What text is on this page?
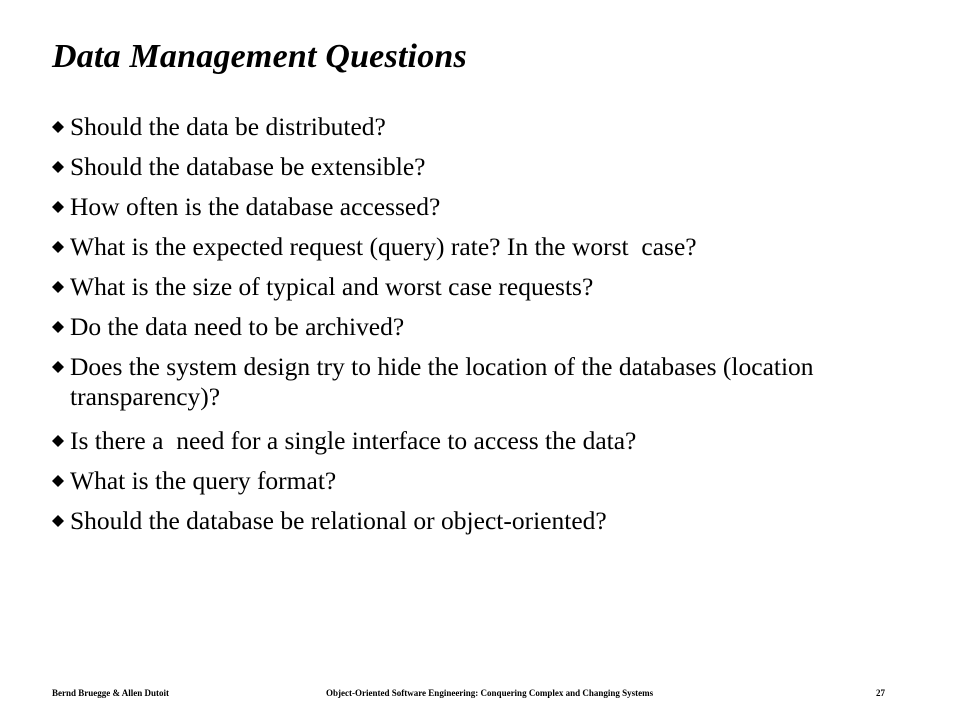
Data Management Questions
Should the data be distributed?
Should the database be extensible?
How often is the database accessed?
What is the expected request (query) rate? In the worst  case?
What is the size of typical and worst case requests?
Do the data need to be archived?
Does the system design try to hide the location of the databases (location transparency)?
Is there a  need for a single interface to access the data?
What is the query format?
Should the database be relational or object-oriented?
Bernd Bruegge & Allen Dutoit	Object-Oriented Software Engineering: Conquering Complex and Changing Systems	27
